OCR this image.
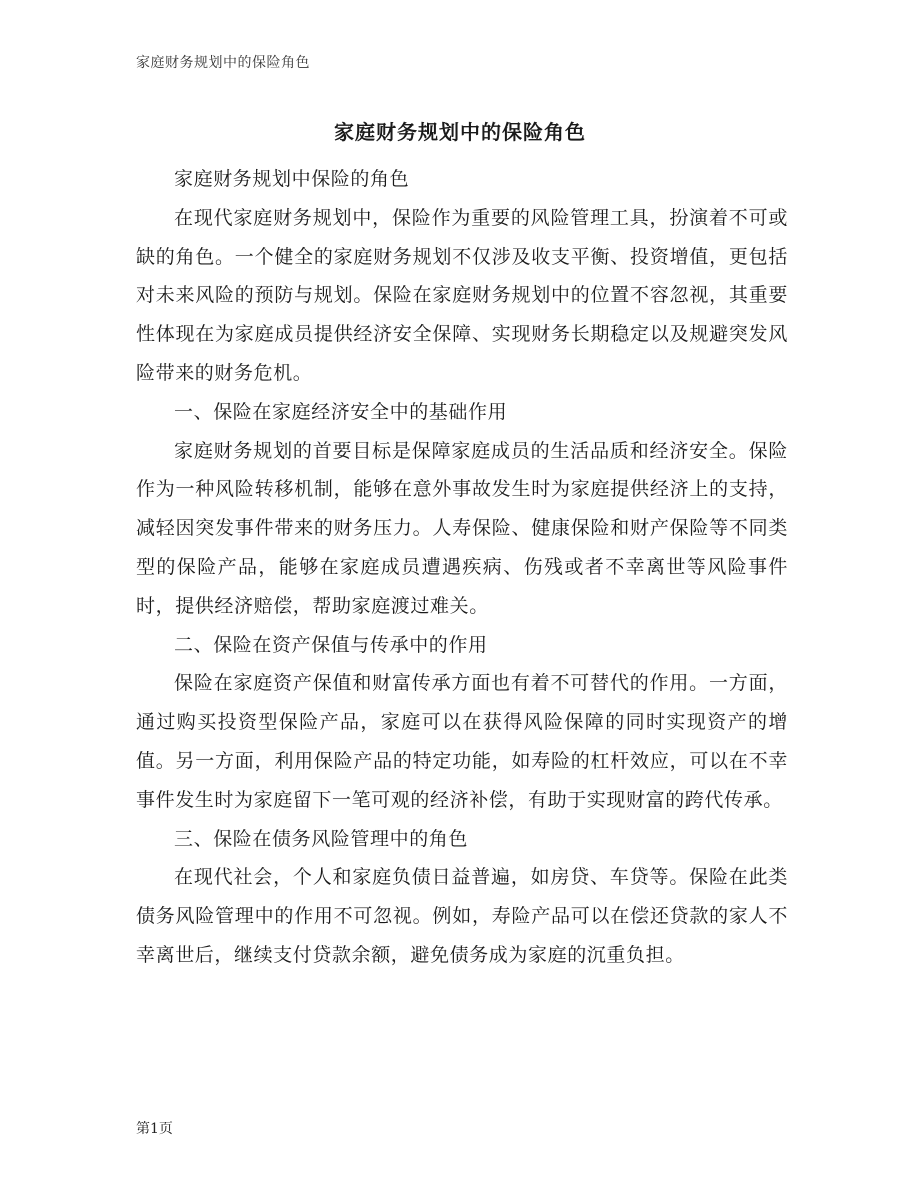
家庭财务规划中的保险角色
家庭财务规划中的保险角色

家庭财务规划中保险的角色

在现代家庭财务规划中，保险作为重要的风险管理工具，扮演着不可或缺的角色。一个健全的家庭财务规划不仅涉及收支平衡、投资增值，更包括对未来风险的预防与规划。保险在家庭财务规划中的位置不容忽视，其重要性体现在为家庭成员提供经济安全保障、实现财务长期稳定以及规避突发风险带来的财务危机。

一、保险在家庭经济安全中的基础作用

家庭财务规划的首要目标是保障家庭成员的生活品质和经济安全。保险作为一种风险转移机制，能够在意外事故发生时为家庭提供经济上的支持，减轻因突发事件带来的财务压力。人寿保险、健康保险和财产保险等不同类型的保险产品，能够在家庭成员遭遇疾病、伤残或者不幸离世等风险事件时，提供经济赔偿，帮助家庭渡过难关。

二、保险在资产保值与传承中的作用

保险在家庭资产保值和财富传承方面也有着不可替代的作用。一方面，通过购买投资型保险产品，家庭可以在获得风险保障的同时实现资产的增值。另一方面，利用保险产品的特定功能，如寿险的杠杆效应，可以在不幸事件发生时为家庭留下一笔可观的经济补偿，有助于实现财富的跨代传承。

三、保险在债务风险管理中的角色

在现代社会，个人和家庭负债日益普遍，如房贷、车贷等。保险在此类债务风险管理中的作用不可忽视。例如，寿险产品可以在偿还贷款的家人不幸离世后，继续支付贷款余额，避免债务成为家庭的沉重负担。

第1页
